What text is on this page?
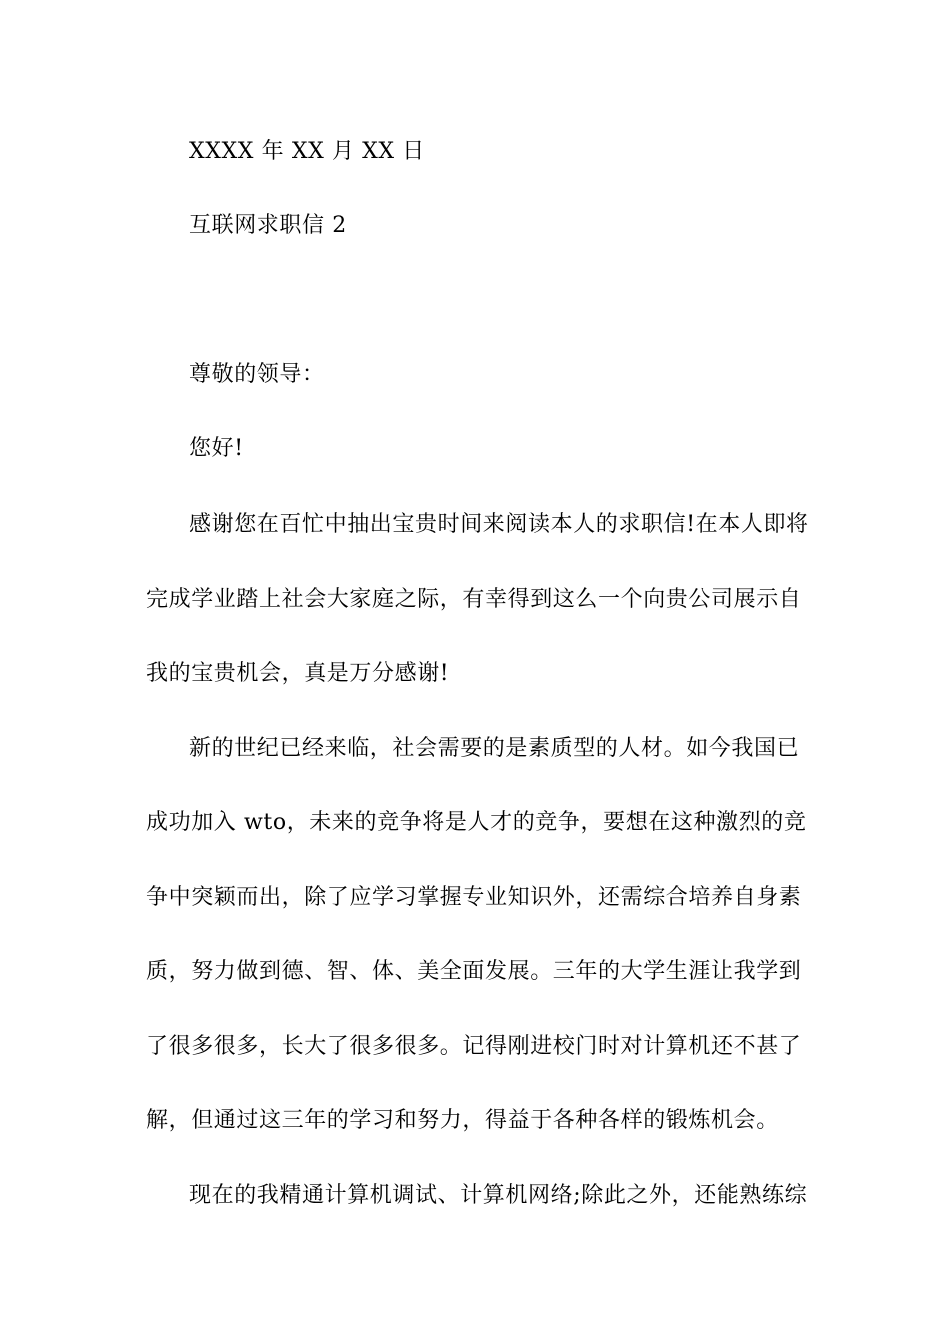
XXXX 年 XX 月 XX 日
互联网求职信 2
尊敬的领导：
您好!
感谢您在百忙中抽出宝贵时间来阅读本人的求职信!在本人即将
完成学业踏上社会大家庭之际，有幸得到这么一个向贵公司展示自
我的宝贵机会，真是万分感谢!
新的世纪已经来临，社会需要的是素质型的人材。如今我国已
成功加入 wto，未来的竞争将是人才的竞争，要想在这种激烈的竞
争中突颖而出，除了应学习掌握专业知识外，还需综合培养自身素
质，努力做到德、智、体、美全面发展。三年的大学生涯让我学到
了很多很多，长大了很多很多。记得刚进校门时对计算机还不甚了
解，但通过这三年的学习和努力，得益于各种各样的锻炼机会。
现在的我精通计算机调试、计算机网络;除此之外，还能熟练综
